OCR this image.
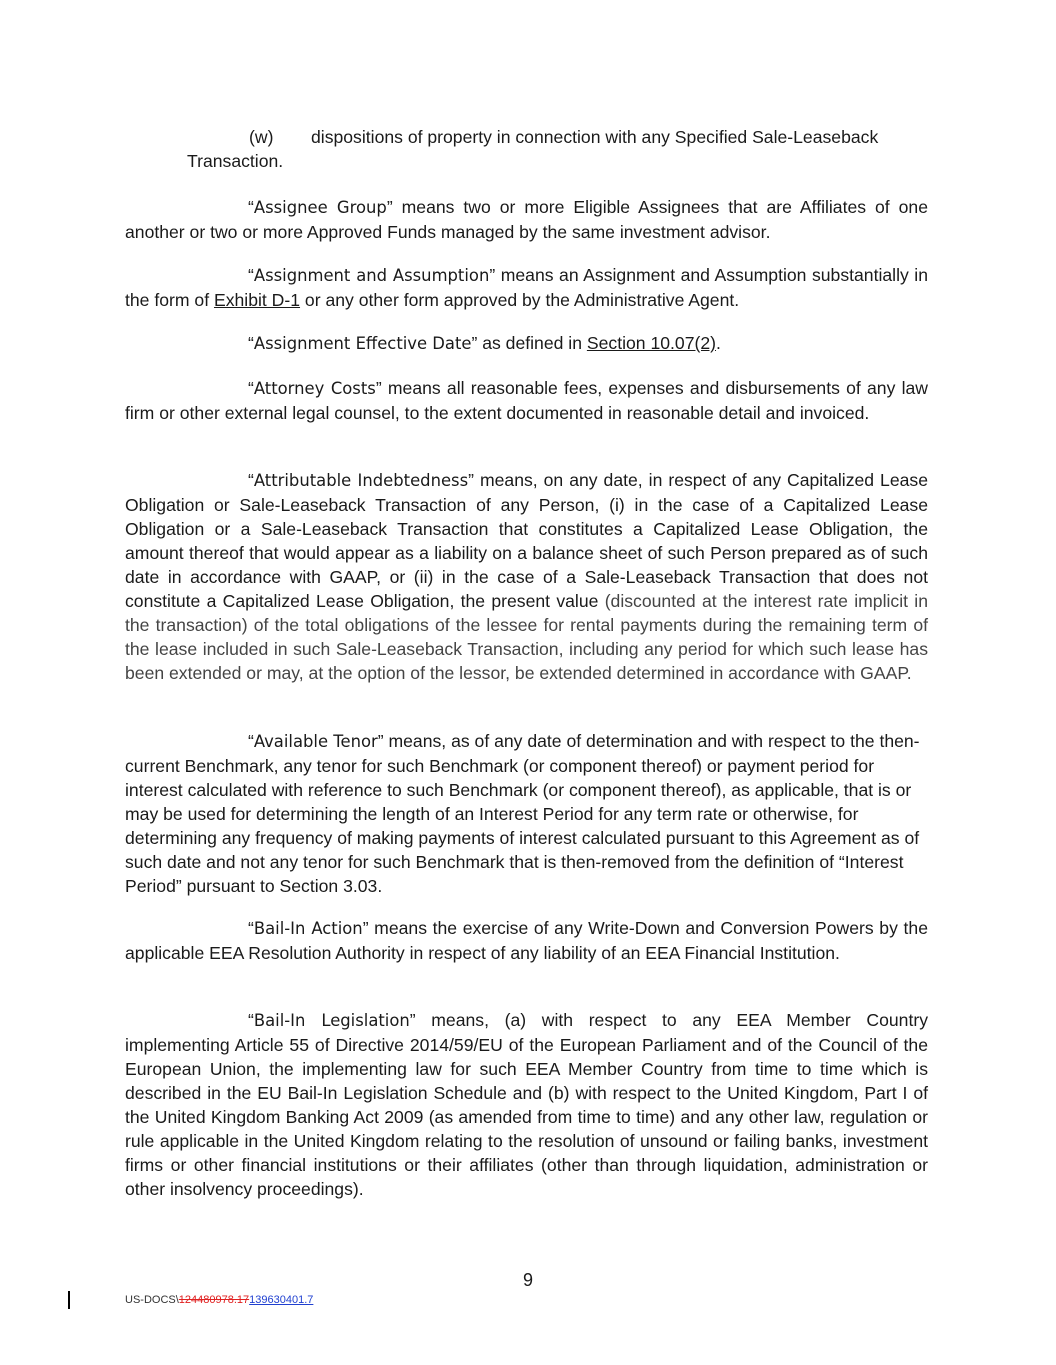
(w) dispositions of property in connection with any Specified Sale-Leaseback
Transaction.

“Assignee Group” means two or more Eligible Assignees that are Affiliates of one another or two or more Approved Funds managed by the same investment advisor.

“Assignment and Assumption” means an Assignment and Assumption substantially in the form of Exhibit D-1 or any other form approved by the Administrative Agent.

“Assignment Effective Date” as defined in Section 10.07(2).

“Attorney Costs” means all reasonable fees, expenses and disbursements of any law firm or other external legal counsel, to the extent documented in reasonable detail and invoiced.

“Attributable Indebtedness” means, on any date, in respect of any Capitalized Lease Obligation or Sale-Leaseback Transaction of any Person, (i) in the case of a Capitalized Lease Obligation or a Sale-Leaseback Transaction that constitutes a Capitalized Lease Obligation, the amount thereof that would appear as a liability on a balance sheet of such Person prepared as of such date in accordance with GAAP, or (ii) in the case of a Sale-Leaseback Transaction that does not constitute a Capitalized Lease Obligation, the present value (discounted at the interest rate implicit in the transaction) of the total obligations of the lessee for rental payments during the remaining term of the lease included in such Sale-Leaseback Transaction, including any period for which such lease has been extended or may, at the option of the lessor, be extended determined in accordance with GAAP.

“Available Tenor” means, as of any date of determination and with respect to the then-current Benchmark, any tenor for such Benchmark (or component thereof) or payment period for interest calculated with reference to such Benchmark (or component thereof), as applicable, that is or may be used for determining the length of an Interest Period for any term rate or otherwise, for determining any frequency of making payments of interest calculated pursuant to this Agreement as of such date and not any tenor for such Benchmark that is then-removed from the definition of “Interest Period” pursuant to Section 3.03.

“Bail-In Action” means the exercise of any Write-Down and Conversion Powers by the applicable EEA Resolution Authority in respect of any liability of an EEA Financial Institution.

“Bail-In Legislation” means, (a) with respect to any EEA Member Country implementing Article 55 of Directive 2014/59/EU of the European Parliament and of the Council of the European Union, the implementing law for such EEA Member Country from time to time which is described in the EU Bail-In Legislation Schedule and (b) with respect to the United Kingdom, Part I of the United Kingdom Banking Act 2009 (as amended from time to time) and any other law, regulation or rule applicable in the United Kingdom relating to the resolution of unsound or failing banks, investment firms or other financial institutions or their affiliates (other than through liquidation, administration or other insolvency proceedings).

9
US-DOCS\124480978.17139630401.7
